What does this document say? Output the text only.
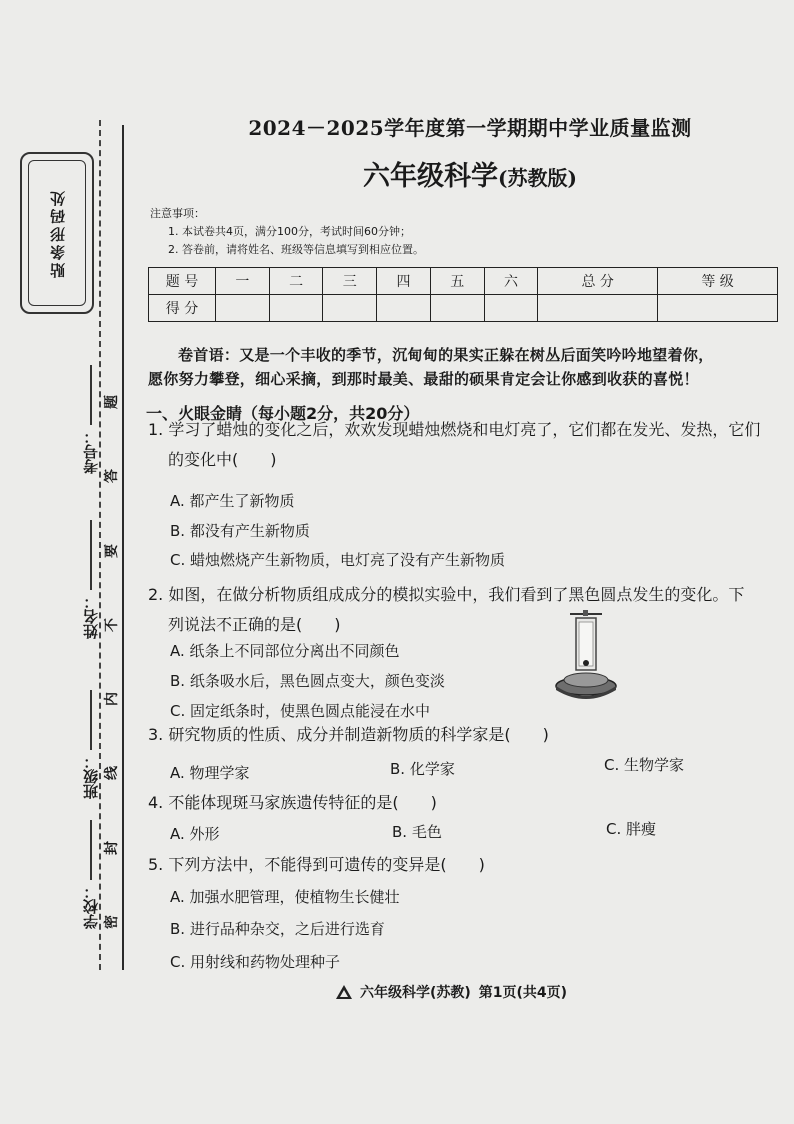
贴条形码处
考号：
姓名：
班级：
学校：
题
答
要
不
内
线
封
密
2024－2025学年度第一学期期中学业质量监测
六年级科学(苏教版)
注意事项：
1. 本试卷共4页，满分100分，考试时间60分钟；
2. 答卷前，请将姓名、班级等信息填写到相应位置。
题 号	一	二	三	四	五	六	总 分	等 级
得 分								
卷首语：又是一个丰收的季节，沉甸甸的果实正躲在树丛后面笑吟吟地望着你，
愿你努力攀登，细心采摘，到那时最美、最甜的硕果肯定会让你感到收获的喜悦！
一、火眼金睛（每小题2分，共20分）
1. 学习了蜡烛的变化之后，欢欢发现蜡烛燃烧和电灯亮了，它们都在发光、发热，它们
的变化中(　　)
A. 都产生了新物质
B. 都没有产生新物质
C. 蜡烛燃烧产生新物质，电灯亮了没有产生新物质
2. 如图，在做分析物质组成成分的模拟实验中，我们看到了黑色圆点发生的变化。下
列说法不正确的是(　　)
A. 纸条上不同部位分离出不同颜色
B. 纸条吸水后，黑色圆点变大，颜色变淡
C. 固定纸条时，使黑色圆点能浸在水中
3. 研究物质的性质、成分并制造新物质的科学家是(　　)
A. 物理学家	B. 化学家	C. 生物学家
4. 不能体现斑马家族遗传特征的是(　　)
A. 外形	B. 毛色	C. 胖瘦
5. 下列方法中，不能得到可遗传的变异是(　　)
A. 加强水肥管理，使植物生长健壮
B. 进行品种杂交，之后进行选育
C. 用射线和药物处理种子
六年级科学(苏教) 第1页(共4页)
